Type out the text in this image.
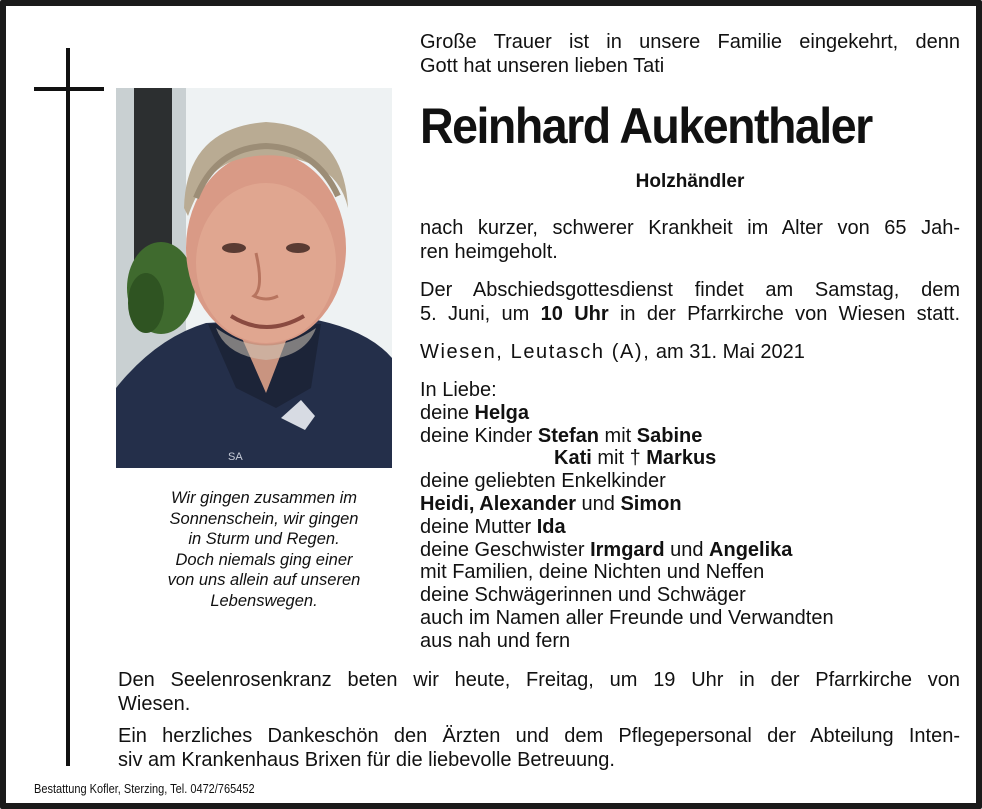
SA
Wir gingen zusammen im
Sonnenschein, wir gingen
in Sturm und Regen.
Doch niemals ging einer
von uns allein auf unseren
Lebenswegen.
Große Trauer ist in unsere Familie eingekehrt, denn
Gott hat unseren lieben Tati
Reinhard Aukenthaler
Holzhändler
nach kurzer, schwerer Krankheit im Alter von 65 Jah-
ren heimgeholt.
Der Abschiedsgottesdienst findet am Samstag, dem
5. Juni, um 10 Uhr in der Pfarrkirche von Wiesen statt.
Wiesen, Leutasch (A), am 31. Mai 2021
In Liebe:
deine Helga
deine Kinder Stefan mit Sabine
Kati mit † Markus
deine geliebten Enkelkinder
Heidi, Alexander und Simon
deine Mutter Ida
deine Geschwister Irmgard und Angelika
mit Familien, deine Nichten und Neffen
deine Schwägerinnen und Schwäger
auch im Namen aller Freunde und Verwandten
aus nah und fern
Den Seelenrosenkranz beten wir heute, Freitag, um 19 Uhr in der Pfarrkirche von
Wiesen.
Ein herzliches Dankeschön den Ärzten und dem Pflegepersonal der Abteilung Inten-
siv am Krankenhaus Brixen für die liebevolle Betreuung.
Bestattung Kofler, Sterzing, Tel. 0472/765452
